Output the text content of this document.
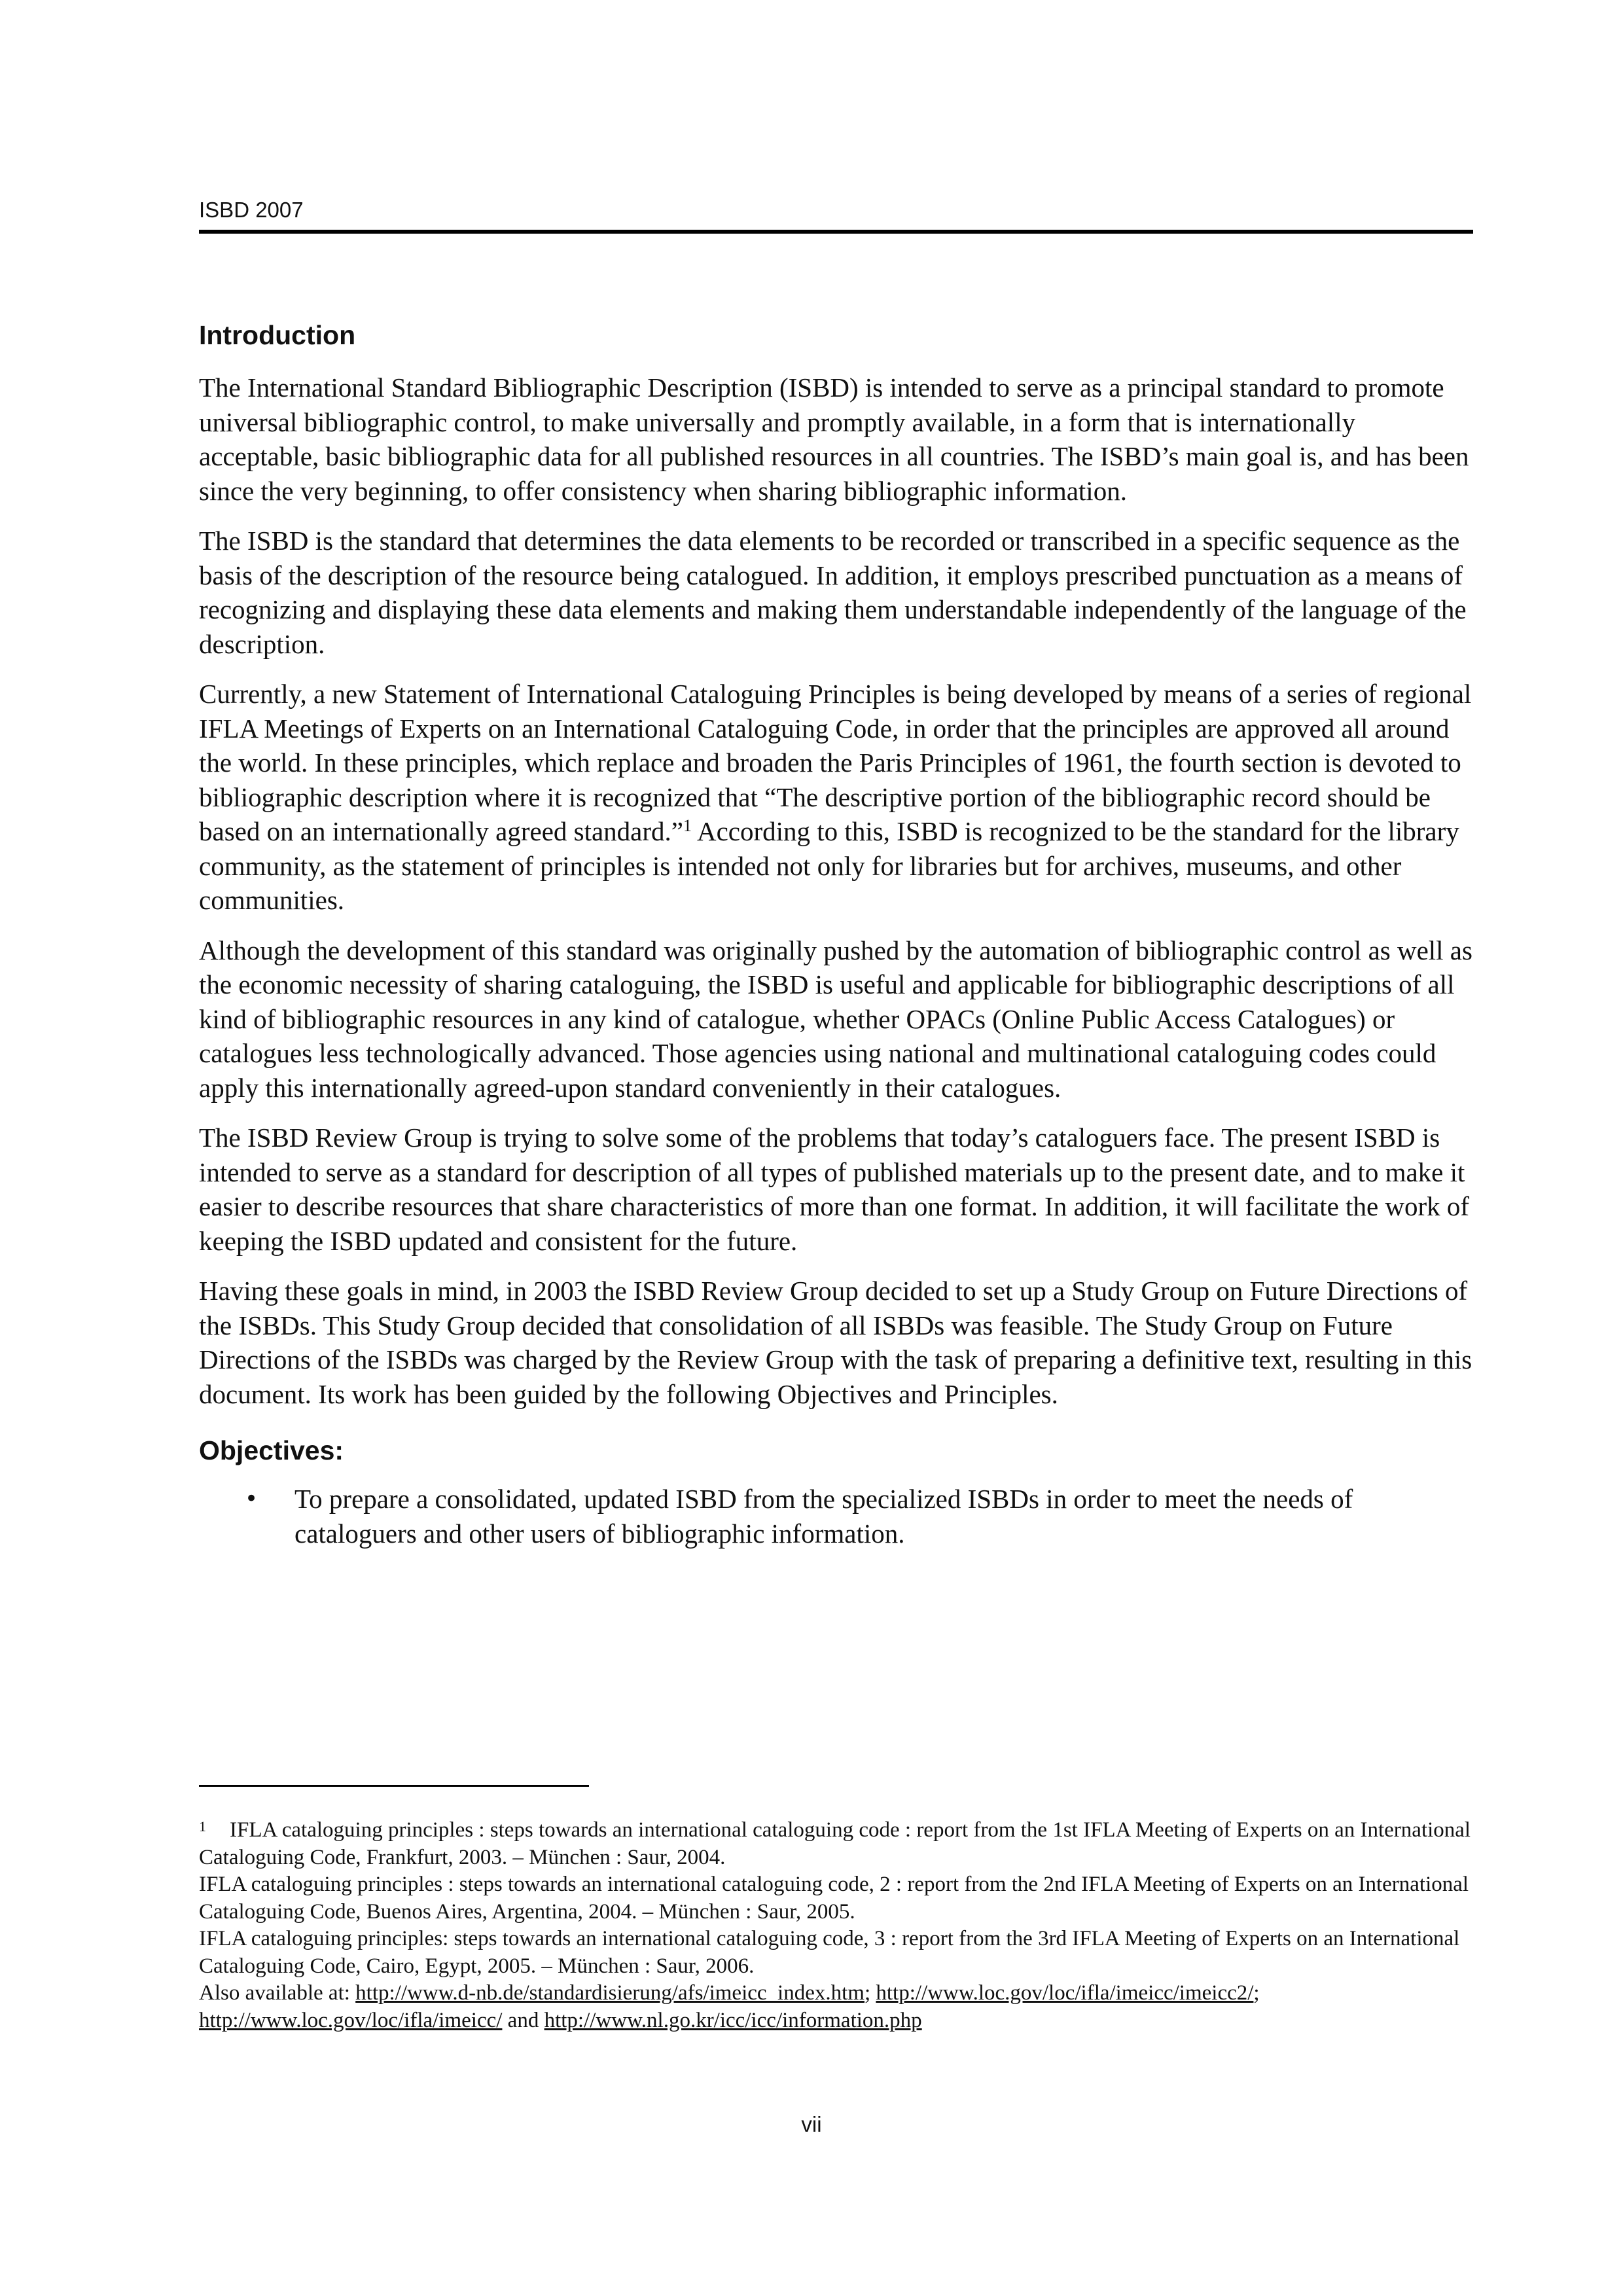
ISBD 2007
Introduction

The International Standard Bibliographic Description (ISBD) is intended to serve as a principal standard to promote universal bibliographic control, to make universally and promptly available, in a form that is internationally acceptable, basic bibliographic data for all published resources in all countries. The ISBD’s main goal is, and has been since the very beginning, to offer consistency when sharing bibliographic information.

The ISBD is the standard that determines the data elements to be recorded or transcribed in a specific sequence as the basis of the description of the resource being catalogued. In addition, it employs prescribed punctuation as a means of recognizing and displaying these data elements and making them understandable independently of the language of the description.

Currently, a new Statement of International Cataloguing Principles is being developed by means of a series of regional IFLA Meetings of Experts on an International Cataloguing Code, in order that the principles are approved all around the world. In these principles, which replace and broaden the Paris Principles of 1961, the fourth section is devoted to bibliographic description where it is recognized that “The descriptive portion of the bibliographic record should be based on an internationally agreed standard.”$^1$ According to this, ISBD is recognized to be the standard for the library community, as the statement of principles is intended not only for libraries but for archives, museums, and other communities.

Although the development of this standard was originally pushed by the automation of bibliographic control as well as the economic necessity of sharing cataloguing, the ISBD is useful and applicable for bibliographic descriptions of all kind of bibliographic resources in any kind of catalogue, whether OPACs (Online Public Access Catalogues) or catalogues less technologically advanced. Those agencies using national and multinational cataloguing codes could apply this internationally agreed-upon standard conveniently in their catalogues.

The ISBD Review Group is trying to solve some of the problems that today’s cataloguers face. The present ISBD is intended to serve as a standard for description of all types of published materials up to the present date, and to make it easier to describe resources that share characteristics of more than one format. In addition, it will facilitate the work of keeping the ISBD updated and consistent for the future.

Having these goals in mind, in 2003 the ISBD Review Group decided to set up a Study Group on Future Directions of the ISBDs. This Study Group decided that consolidation of all ISBDs was feasible. The Study Group on Future Directions of the ISBDs was charged by the Review Group with the task of preparing a definitive text, resulting in this document. Its work has been guided by the following Objectives and Principles.

Objectives:
• To prepare a consolidated, updated ISBD from the specialized ISBDs in order to meet the needs of cataloguers and other users of bibliographic information.

$^1$ IFLA cataloguing principles : steps towards an international cataloguing code : report from the 1st IFLA Meeting of Experts on an International Cataloguing Code, Frankfurt, 2003. – München : Saur, 2004.

IFLA cataloguing principles : steps towards an international cataloguing code, 2 : report from the 2nd IFLA Meeting of Experts on an International Cataloguing Code, Buenos Aires, Argentina, 2004. – München : Saur, 2005.

IFLA cataloguing principles: steps towards an international cataloguing code, 3 : report from the 3rd IFLA Meeting of Experts on an International Cataloguing Code, Cairo, Egypt, 2005. – München : Saur, 2006.

Also available at: http://www.d-nb.de/standardisierung/afs/imeicc_index.htm; http://www.loc.gov/loc/ifla/imeicc/imeicc2/; http://www.loc.gov/loc/ifla/imeicc/ and http://www.nl.go.kr/icc/icc/information.php

vii
